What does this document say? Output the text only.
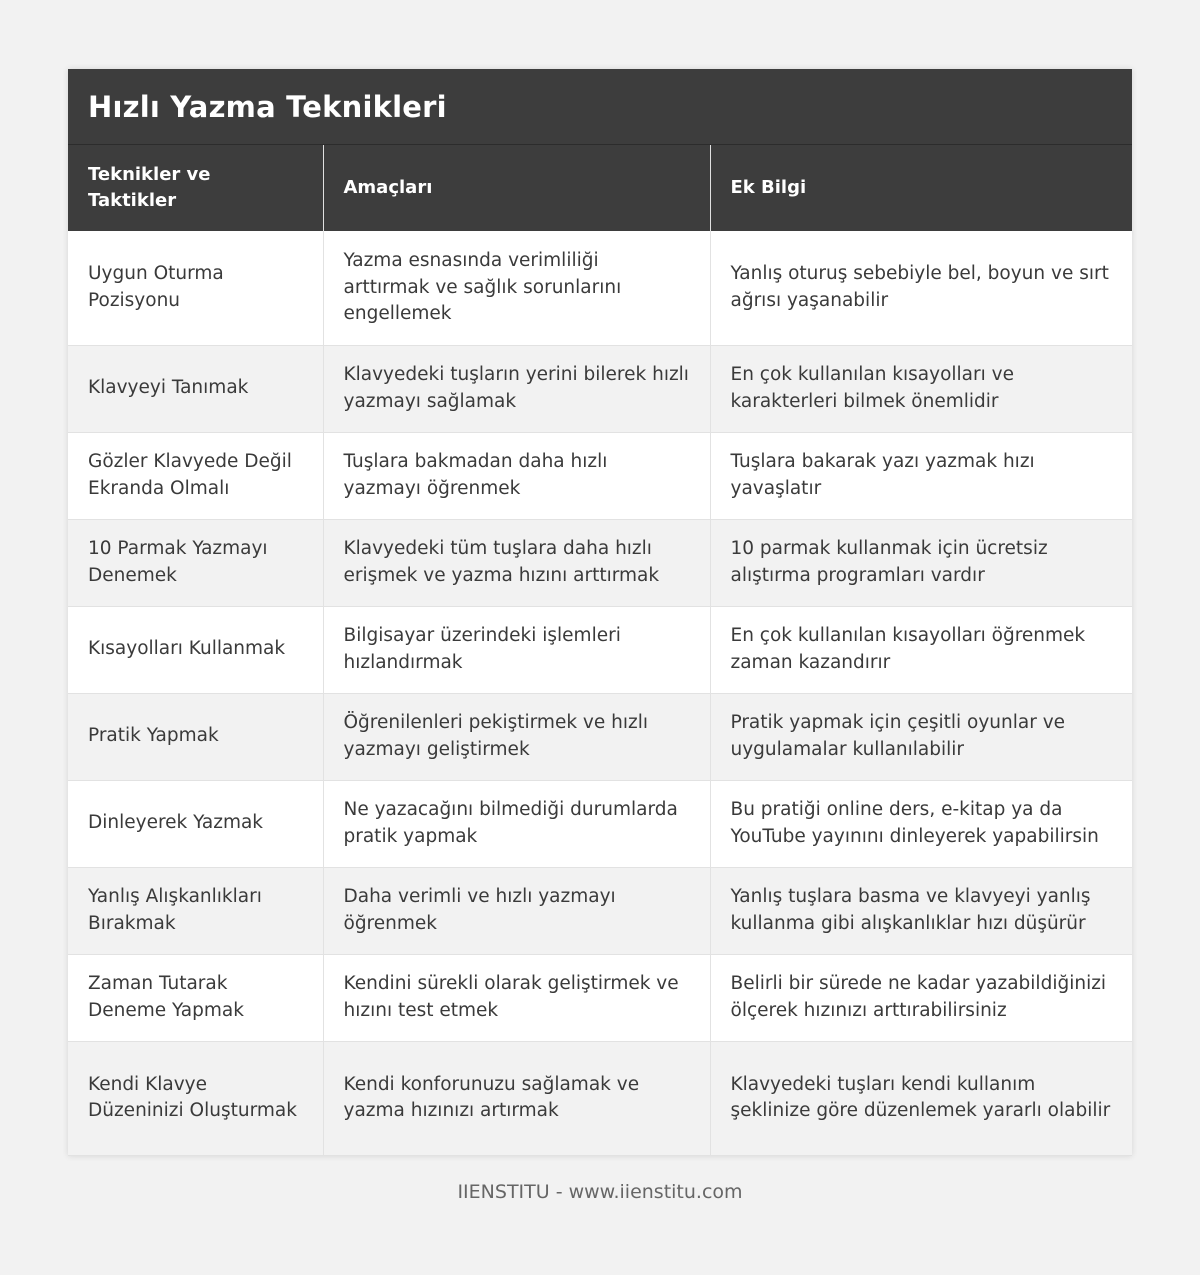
Hızlı Yazma Teknikleri
Teknikler ve Taktikler	Amaçları	Ek Bilgi
Uygun Oturma Pozisyonu	Yazma esnasında verimliliği arttırmak ve sağlık sorunlarını engellemek	Yanlış oturuş sebebiyle bel, boyun ve sırt ağrısı yaşanabilir
Klavyeyi Tanımak	Klavyedeki tuşların yerini bilerek hızlı yazmayı sağlamak	En çok kullanılan kısayolları ve karakterleri bilmek önemlidir
Gözler Klavyede Değil Ekranda Olmalı	Tuşlara bakmadan daha hızlı yazmayı öğrenmek	Tuşlara bakarak yazı yazmak hızı yavaşlatır
10 Parmak Yazmayı Denemek	Klavyedeki tüm tuşlara daha hızlı erişmek ve yazma hızını arttırmak	10 parmak kullanmak için ücretsiz alıştırma programları vardır
Kısayolları Kullanmak	Bilgisayar üzerindeki işlemleri hızlandırmak	En çok kullanılan kısayolları öğrenmek zaman kazandırır
Pratik Yapmak	Öğrenilenleri pekiştirmek ve hızlı yazmayı geliştirmek	Pratik yapmak için çeşitli oyunlar ve uygulamalar kullanılabilir
Dinleyerek Yazmak	Ne yazacağını bilmediği durumlarda pratik yapmak	Bu pratiği online ders, e-kitap ya da YouTube yayınını dinleyerek yapabilirsin
Yanlış Alışkanlıkları Bırakmak	Daha verimli ve hızlı yazmayı öğrenmek	Yanlış tuşlara basma ve klavyeyi yanlış kullanma gibi alışkanlıklar hızı düşürür
Zaman Tutarak Deneme Yapmak	Kendini sürekli olarak geliştirmek ve hızını test etmek	Belirli bir sürede ne kadar yazabildiğinizi ölçerek hızınızı arttırabilirsiniz
Kendi Klavye Düzeninizi Oluşturmak	Kendi konforunuzu sağlamak ve yazma hızınızı artırmak	Klavyedeki tuşları kendi kullanım şeklinize göre düzenlemek yararlı olabilir
IIENSTITU - www.iienstitu.com
